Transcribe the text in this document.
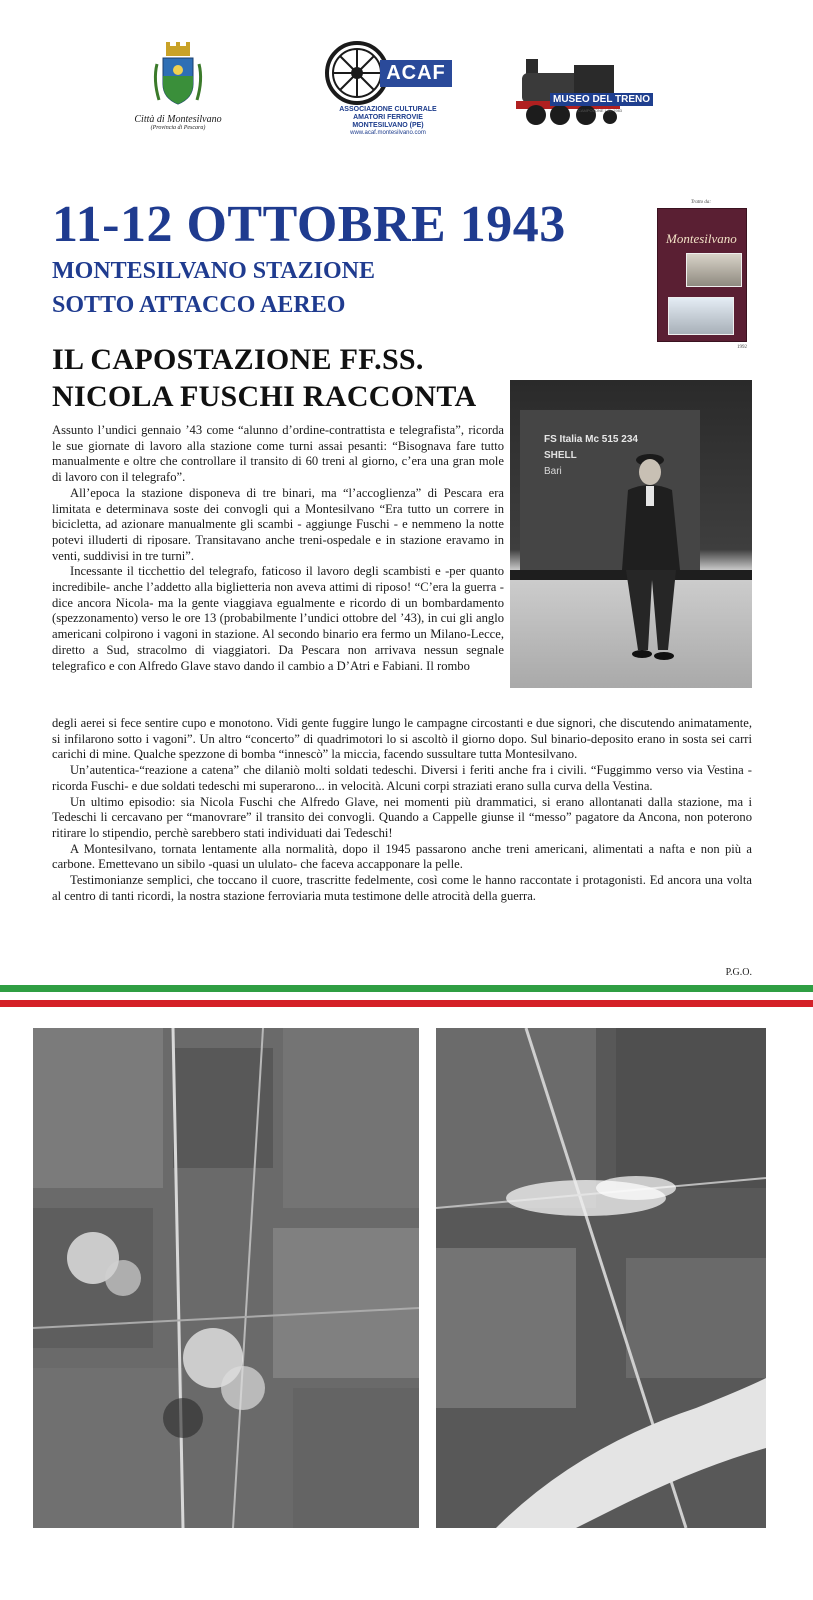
Città di Montesilvano
(Provincia di Pescara)
ACAF
ASSOCIAZIONE CULTURALE
AMATORI FERROVIE
MONTESILVANO (PE)
www.acaf.montesilvano.com
MUSEO DEL TRENO
CAMPOLONE L.R. 1983
11-12 OTTOBRE 1943
MONTESILVANO STAZIONE
SOTTO ATTACCO AEREO
Tratto da:
Montesilvano
1992
IL CAPOSTAZIONE FF.SS.
NICOLA FUSCHI RACCONTA
FS Italia Mc 515 234
SHELL
Bari

Assunto l’undici gennaio ’43 come “alunno d’ordine-contrattista e telegrafista”, ricorda le sue giornate di lavoro alla stazione come turni assai pesanti: “Bisognava fare tutto manualmente e oltre che controllare il transito di 60 treni al giorno, c’era una gran mole di lavoro con il telegrafo”.

All’epoca la stazione disponeva di tre binari, ma “l’accoglienza” di Pescara era limitata e determinava soste dei convogli qui a Montesilvano “Era tutto un correre in bicicletta, ad azionare manualmente gli scambi - aggiunge Fuschi - e nemmeno la notte potevi illuderti di riposare. Transitavano anche treni-ospedale e in stazione eravamo in venti, suddivisi in tre turni”.

Incessante il ticchettio del telegrafo, faticoso il lavoro degli scambisti e -per quanto incredibile- anche l’addetto alla biglietteria non aveva attimi di riposo! “C’era la guerra -dice ancora Nicola- ma la gente viaggiava egualmente e ricordo di un bombardamento (spezzonamento) verso le ore 13 (probabilmente l’undici ottobre del ’43), in cui gli anglo americani colpirono i vagoni in stazione. Al secondo binario era fermo un Milano-Lecce, diretto a Sud, stracolmo di viaggiatori. Da Pescara non arrivava nessun segnale telegrafico e con Alfredo Glave stavo dando il cambio a D’Atri e Fabiani. Il rombo

degli aerei si fece sentire cupo e monotono. Vidi gente fuggire lungo le campagne circostanti e due signori, che discutendo animatamente, si infilarono sotto i vagoni”. Un altro “concerto” di quadrimotori lo si ascoltò il giorno dopo. Sul binario-deposito erano in sosta sei carri carichi di mine. Qualche spezzone di bomba “innescò” la miccia, facendo sussultare tutta Montesilvano.

Un’autentica-“reazione a catena” che dilaniò molti soldati tedeschi. Diversi i feriti anche fra i civili. “Fuggimmo verso via Vestina -ricorda Fuschi- e due soldati tedeschi mi superarono... in velocità. Alcuni corpi straziati erano sulla curva della Vestina.

Un ultimo episodio: sia Nicola Fuschi che Alfredo Glave, nei momenti più drammatici, si erano allontanati dalla stazione, ma i Tedeschi li cercavano per “manovrare” il transito dei convogli. Quando a Cappelle giunse il “messo” pagatore da Ancona, non poterono ritirare lo stipendio, perchè sarebbero stati individuati dai Tedeschi!

A Montesilvano, tornata lentamente alla normalità, dopo il 1945 passarono anche treni americani, alimentati a nafta e non più a carbone. Emettevano un sibilo -quasi un ululato- che faceva accapponare la pelle.

Testimonianze semplici, che toccano il cuore, trascritte fedelmente, così come le hanno raccontate i protagonisti. Ed ancora una volta al centro di tanti ricordi, la nostra stazione ferroviaria muta testimone delle atrocità della guerra.

P.G.O.
